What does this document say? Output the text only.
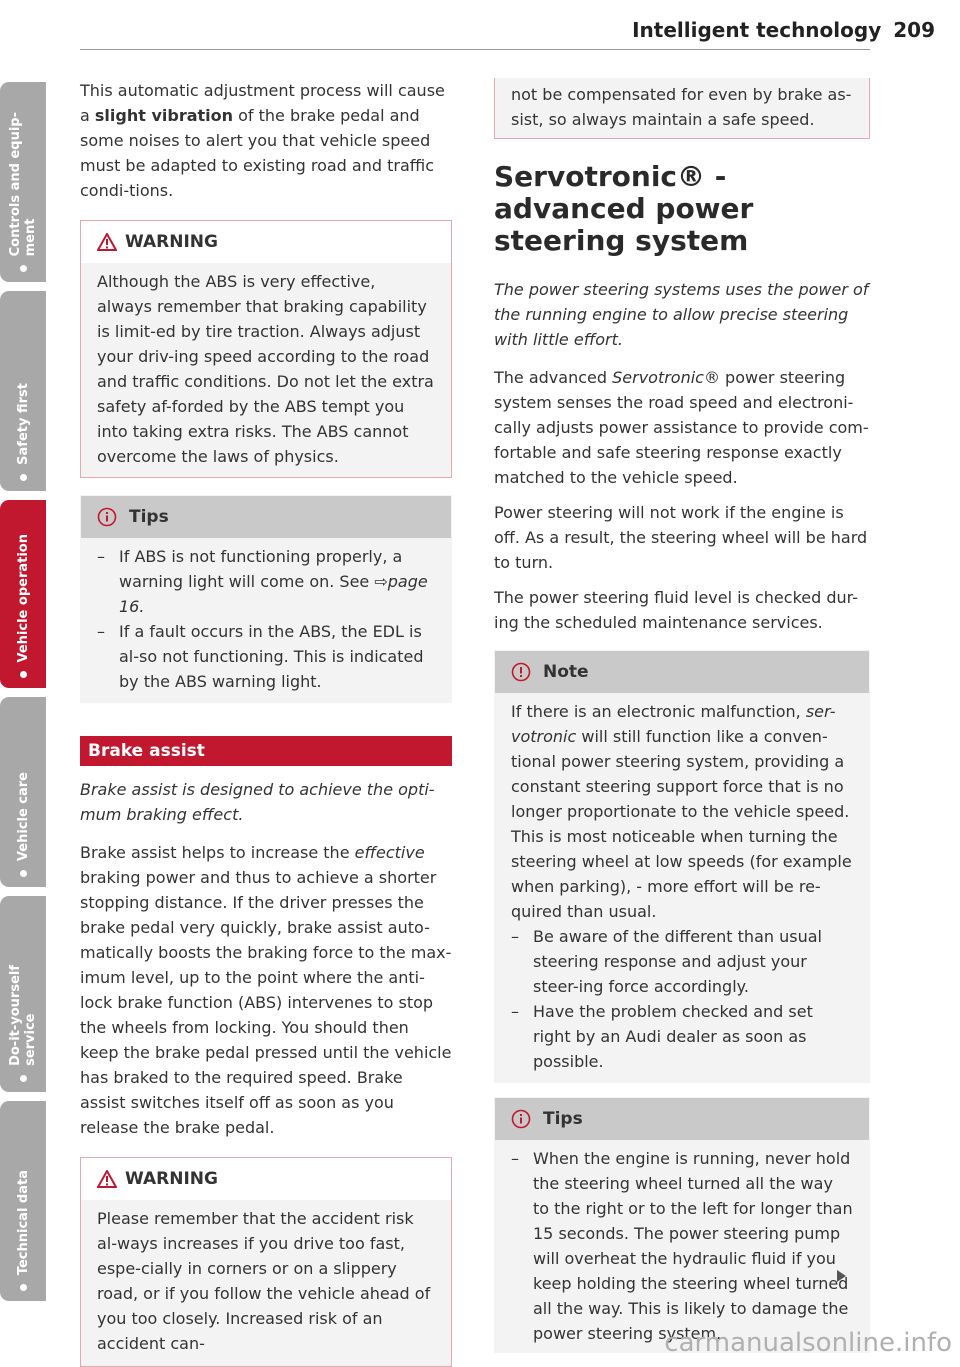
Intelligent technology 209

This automatic adjustment process will cause a slight vibration of the brake pedal and some noises to alert you that vehicle speed must be adapted to existing road and traffic condi-tions.

WARNING

Although the ABS is very effective, always remember that braking capability is limit-ed by tire traction. Always adjust your driv-ing speed according to the road and traffic conditions. Do not let the extra safety af-forded by the ABS tempt you into taking extra risks. The ABS cannot overcome the laws of physics.

Tips
– If ABS is not functioning properly, a warning light will come on. See ⇨page 16.
– If a fault occurs in the ABS, the EDL is al-so not functioning. This is indicated by the ABS warning light.
Brake assist

Brake assist is designed to achieve the opti-mum braking effect.

Brake assist helps to increase the effective braking power and thus to achieve a shorter stopping distance. If the driver presses the brake pedal very quickly, brake assist auto-matically boosts the braking force to the max-imum level, up to the point where the anti-lock brake function (ABS) intervenes to stop the wheels from locking. You should then keep the brake pedal pressed until the vehicle has braked to the required speed. Brake assist switches itself off as soon as you release the brake pedal.

WARNING

Please remember that the accident risk al-ways increases if you drive too fast, espe-cially in corners or on a slippery road, or if you follow the vehicle ahead of you too closely. Increased risk of an accident can-

not be compensated for even by brake as-sist, so always maintain a safe speed.

Servotronic® - advanced power steering system

The power steering systems uses the power of the running engine to allow precise steering with little effort.

The advanced Servotronic® power steering system senses the road speed and electroni-cally adjusts power assistance to provide com-fortable and safe steering response exactly matched to the vehicle speed.

Power steering will not work if the engine is off. As a result, the steering wheel will be hard to turn.

The power steering fluid level is checked dur-ing the scheduled maintenance services.

Note

If there is an electronic malfunction, ser-votronic will still function like a conven-tional power steering system, providing a constant steering support force that is no longer proportionate to the vehicle speed. This is most noticeable when turning the steering wheel at low speeds (for example when parking), - more effort will be re-quired than usual.

– Be aware of the different than usual steering response and adjust your steer-ing force accordingly.
– Have the problem checked and set right by an Audi dealer as soon as possible.
Tips
– When the engine is running, never hold the steering wheel turned all the way to the right or to the left for longer than 15 seconds. The power steering pump will overheat the hydraulic fluid if you keep holding the steering wheel turned all the way. This is likely to damage the power steering system.
Controls and equip-
ment
Safety first
Vehicle operation
Vehicle care
Do-it-yourself
service
Technical data
carmanualsonline.info
